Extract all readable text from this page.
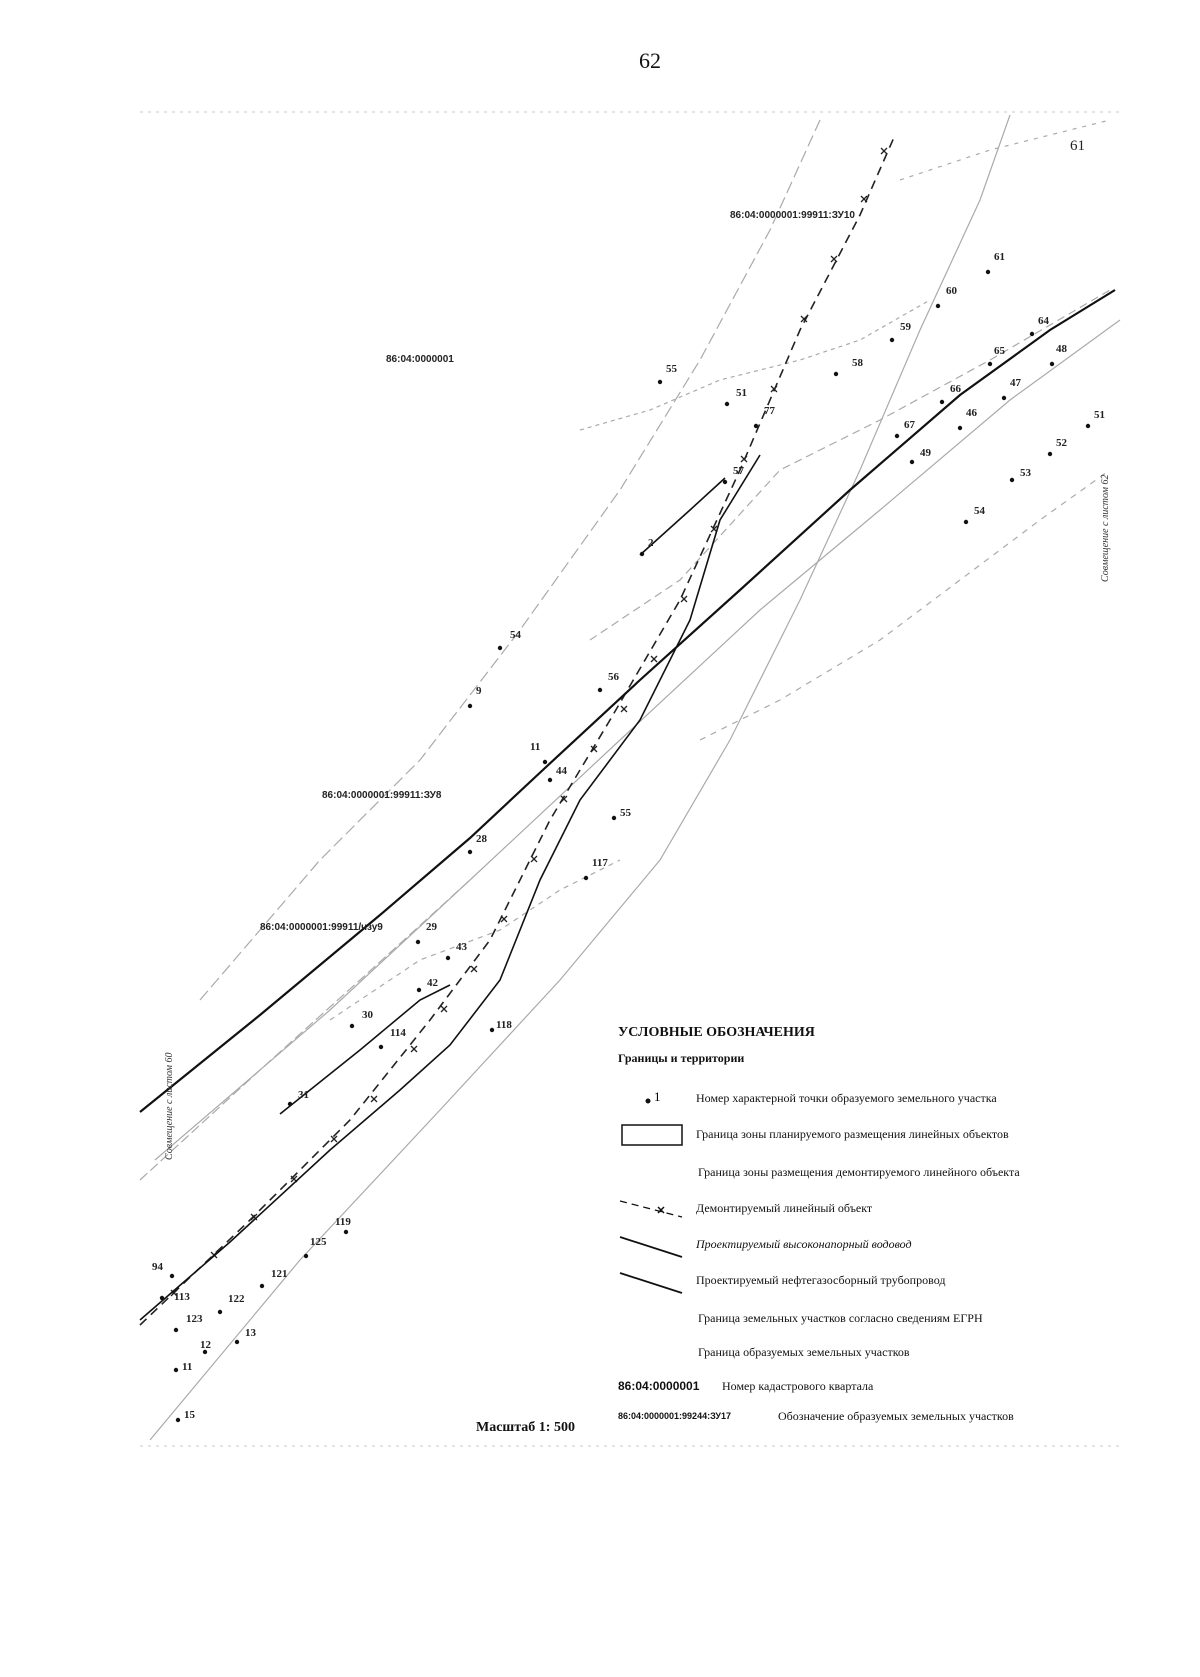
62
86:04:0000001
86:04:0000001:99911:ЗУ10
86:04:0000001:99911:ЗУ8
86:04:0000001:99911/чзу9
61
Совмещение с листом 60
Совмещение с листом 62
94
113
123
122
121
125
119
11
12
13
15
31
30
114
29
43
42
28
118
9
54
11
44
55
117
56
2
55
51
77
57
58
59
60
61
67
66
65
64
49
46
47
48
51
52
53
54
УСЛОВНЫЕ ОБОЗНАЧЕНИЯ
Границы и территории
1	Номер характерной точки образуемого земельного участка
Граница зоны планируемого размещения линейных объектов
Граница зоны размещения демонтируемого линейного объекта
Демонтируемый линейный объект
Проектируемый высоконапорный водовод
Проектируемый нефтегазосборный трубопровод
Граница земельных участков согласно сведениям ЕГРН
Граница образуемых земельных участков
86:04:0000001 Номер кадастрового квартала
86:04:0000001:99244:ЗУ17	Обозначение образуемых земельных участков
Масштаб 1: 500
